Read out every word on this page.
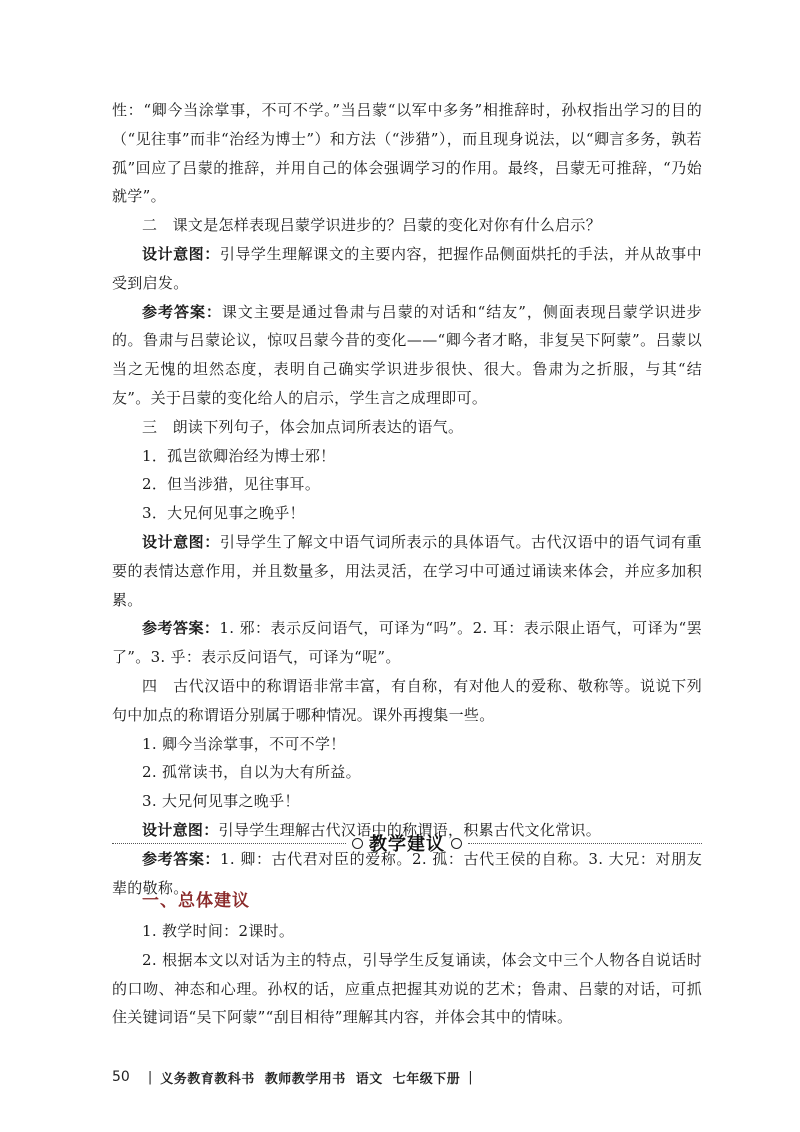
性：“卿今当涂掌事，不可不学。”当吕蒙“以军中多务”相推辞时，孙权指出学习的目的（“见往事”而非“治经为博士”）和方法（“涉猎”），而且现身说法，以“卿言多务，孰若孤”回应了吕蒙的推辞，并用自己的体会强调学习的作用。最终，吕蒙无可推辞，“乃始就学”。

二　课文是怎样表现吕蒙学识进步的？吕蒙的变化对你有什么启示？

设计意图：引导学生理解课文的主要内容，把握作品侧面烘托的手法，并从故事中受到启发。

参考答案：课文主要是通过鲁肃与吕蒙的对话和“结友”，侧面表现吕蒙学识进步的。鲁肃与吕蒙论议，惊叹吕蒙今昔的变化——“卿今者才略，非复吴下阿蒙”。吕蒙以当之无愧的坦然态度，表明自己确实学识进步很快、很大。鲁肃为之折服，与其“结友”。关于吕蒙的变化给人的启示，学生言之成理即可。

三　朗读下列句子，体会加点词所表达的语气。

1．孤岂欲卿治经为博士邪！

2．但当涉猎，见往事耳。

3．大兄何见事之晚乎！

设计意图：引导学生了解文中语气词所表示的具体语气。古代汉语中的语气词有重要的表情达意作用，并且数量多，用法灵活，在学习中可通过诵读来体会，并应多加积累。

参考答案：1. 邪：表示反问语气，可译为“吗”。2. 耳：表示限止语气，可译为“罢了”。3. 乎：表示反问语气，可译为“呢”。

四　古代汉语中的称谓语非常丰富，有自称，有对他人的爱称、敬称等。说说下列句中加点的称谓语分别属于哪种情况。课外再搜集一些。

1. 卿今当涂掌事，不可不学！

2. 孤常读书，自以为大有所益。

3. 大兄何见事之晚乎！

设计意图：引导学生理解古代汉语中的称谓语，积累古代文化常识。

参考答案：1. 卿：古代君对臣的爱称。2. 孤：古代王侯的自称。3. 大兄：对朋友辈的敬称。

教学建议
一、总体建议

1. 教学时间：2课时。

2. 根据本文以对话为主的特点，引导学生反复诵读，体会文中三个人物各自说话时的口吻、神态和心理。孙权的话，应重点把握其劝说的艺术；鲁肃、吕蒙的对话，可抓住关键词语“吴下阿蒙”“刮目相待”理解其内容，并体会其中的情味。

50 | 义务教育教科书 教师教学用书 语文 七年级下册 |
